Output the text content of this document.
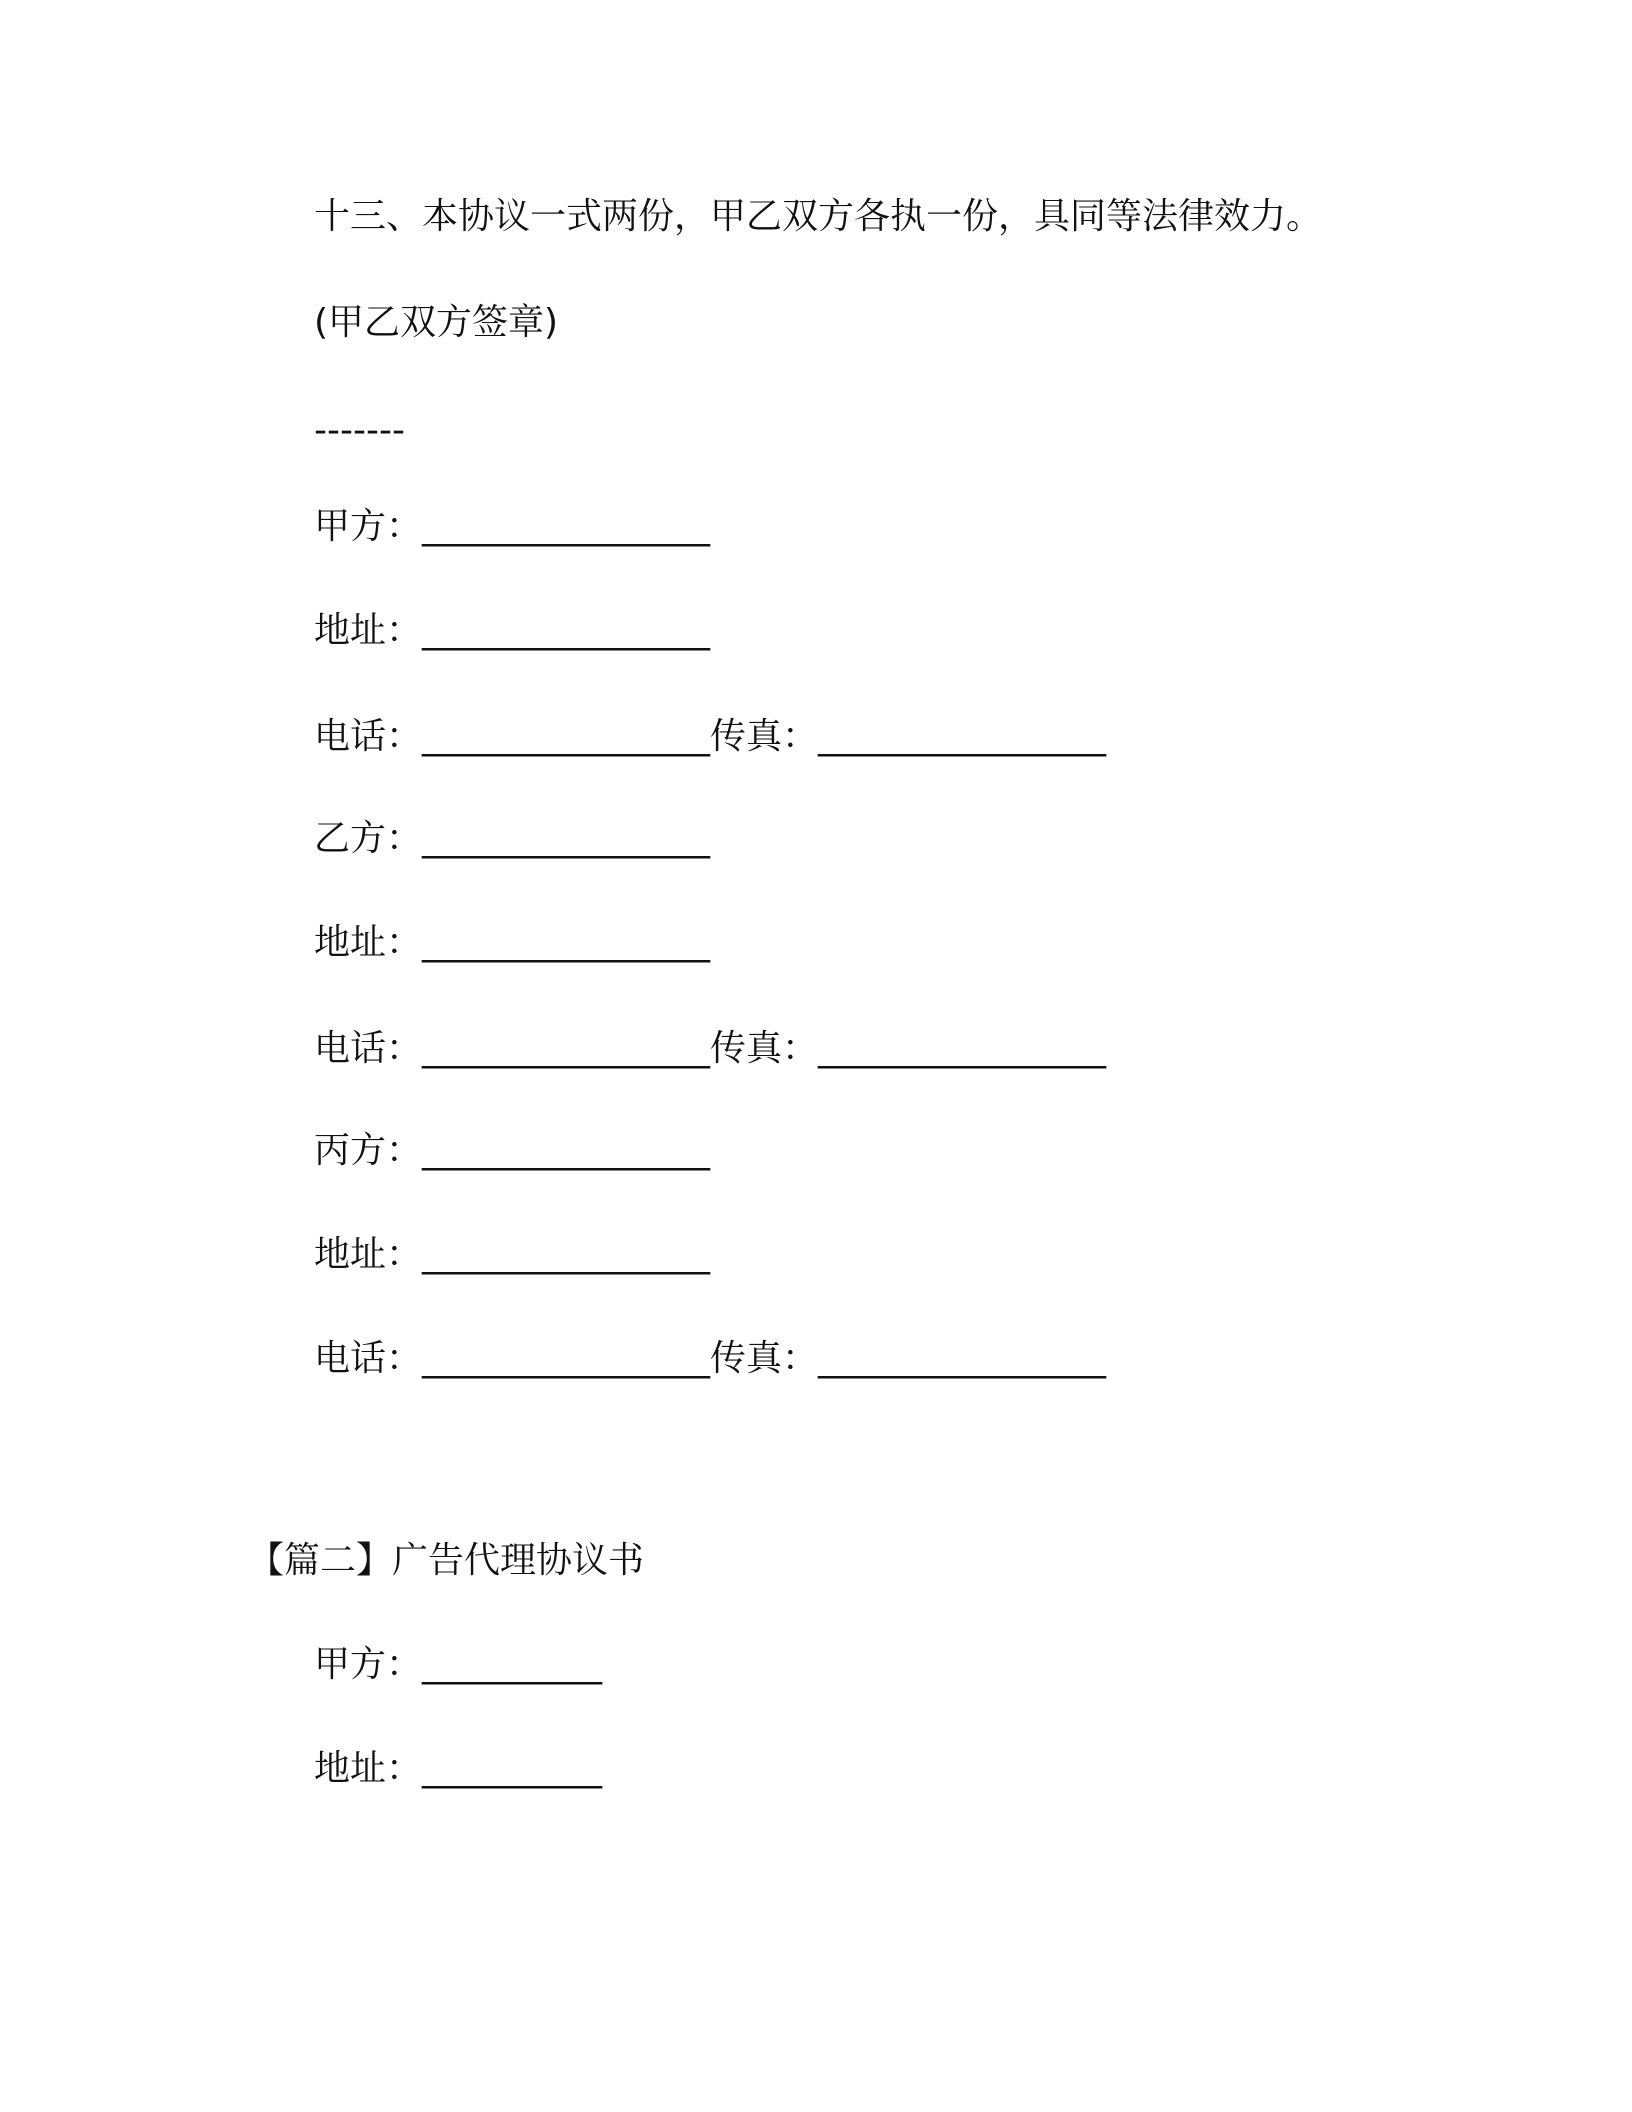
十三、本协议一式两份，甲乙双方各执一份，具同等法律效力。
(甲乙双方签章)
-------
甲方：________________
地址：________________
电话：________________传真：________________
乙方：________________
地址：________________
电话：________________传真：________________
丙方：________________
地址：________________
电话：________________传真：________________
【篇二】广告代理协议书
甲方：__________
地址：__________
